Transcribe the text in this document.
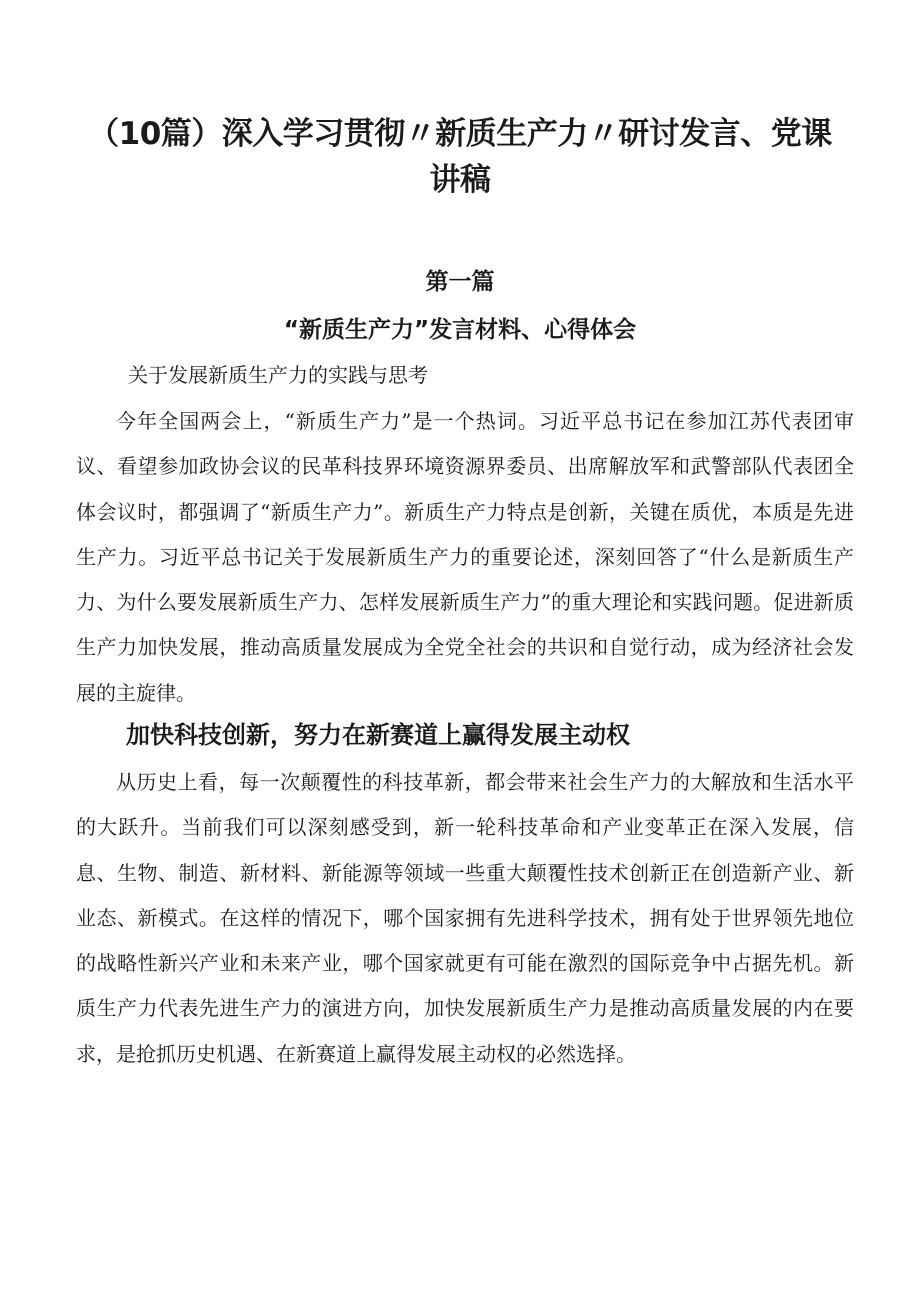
（10篇）深入学习贯彻〃新质生产力〃研讨发言、党课
讲稿
第一篇
“新质生产力”发言材料、心得体会

关于发展新质生产力的实践与思考

今年全国两会上，“新质生产力”是一个热词。习近平总书记在参加江苏代表团审议、看望参加政协会议的民革科技界环境资源界委员、出席解放军和武警部队代表团全体会议时，都强调了“新质生产力”。新质生产力特点是创新，关键在质优，本质是先进生产力。习近平总书记关于发展新质生产力的重要论述，深刻回答了“什么是新质生产力、为什么要发展新质生产力、怎样发展新质生产力”的重大理论和实践问题。促进新质生产力加快发展，推动高质量发展成为全党全社会的共识和自觉行动，成为经济社会发展的主旋律。

加快科技创新，努力在新赛道上赢得发展主动权

从历史上看，每一次颠覆性的科技革新，都会带来社会生产力的大解放和生活水平的大跃升。当前我们可以深刻感受到，新一轮科技革命和产业变革正在深入发展，信息、生物、制造、新材料、新能源等领域一些重大颠覆性技术创新正在创造新产业、新业态、新模式。在这样的情况下，哪个国家拥有先进科学技术，拥有处于世界领先地位的战略性新兴产业和未来产业，哪个国家就更有可能在激烈的国际竞争中占据先机。新质生产力代表先进生产力的演进方向，加快发展新质生产力是推动高质量发展的内在要求，是抢抓历史机遇、在新赛道上赢得发展主动权的必然选择。
